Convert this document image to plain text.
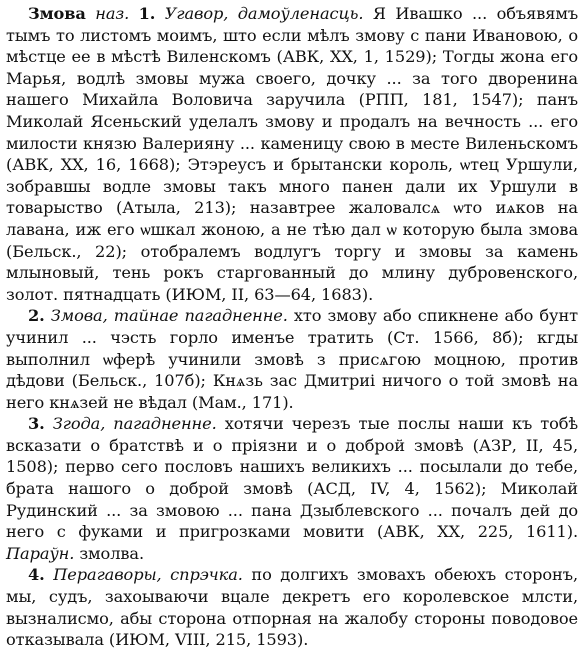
Змова наз. 1. Угавор, дамоўленасць. Я Ивашко ... объявямъ тымъ то листомъ моимъ, што если мѣлъ змову с пани Ивановою, о мѣстце ее в мѣстѣ Виленскомъ (АВК, XX, 1, 1529); Тогды жона его Марья, водлѣ змовы мужа своего, дочку ... за того дворенина нашего Михайла Воловича заручила (РПП, 181, 1547); панъ Миколай Ясеньский уделалъ змову и продалъ на вечность ... его милости князю Валерияну ... каменицу свою в месте Виленьскомъ (АВК, XX, 16, 1668); Этэреусъ и брытански король, ѡтец Уршули, зобравшы водле змовы такъ много панен дали их Уршули в товарыство (Атыла, 213); назавтрее жаловалсѧ ѡто иѧков на лавана, иж его ѡшкал жоною, а не тѣю дал ѡ которую была змова (Бельск., 22); отобралемъ водлугъ торгу и змовы за камень млыновый, тень рокъ старгованный до млину дубровенского, золот. пятнадцать (ИЮМ, II, 63—64, 1683).

2. Змова, тайнае пагадненне. хто змову або спикнене або бунт учинил ... чэсть горло именъе тратить (Ст. 1566, 8б); кгды выполнил ѡферѣ учинили змовѣ з присѧгою моцною, против дѣдови (Бельск., 107б); Кнѧзь зас Дмитриі ничого о той змовѣ на него кнѧзей не вѣдал (Мам., 171).

3. Згода, пагадненне. хотячи черезъ тые послы наши къ тобѣ всказати о братствѣ и о пріязни и о доброй змовѣ (АЗР, II, 45, 1508); перво сего пословъ нашихъ великихъ ... посылали до тебе, брата нашого о доброй змовѣ (АСД, IV, 4, 1562); Миколай Рудинский ... за змовою ... пана Дзыблевского ... почалъ дей до него с фуками и пригрозками мовити (АВК, XX, 225, 1611). Параўн. змолва.

4. Перагаворы, спрэчка. по долгихъ змовахъ обеюхъ сторонъ, мы, судъ, захоываючи вцале декретъ его королевское млсти, вызналисмо, абы сторона отпорная на жалобу стороны поводовое отказывала (ИЮМ, VIII, 215, 1593).
